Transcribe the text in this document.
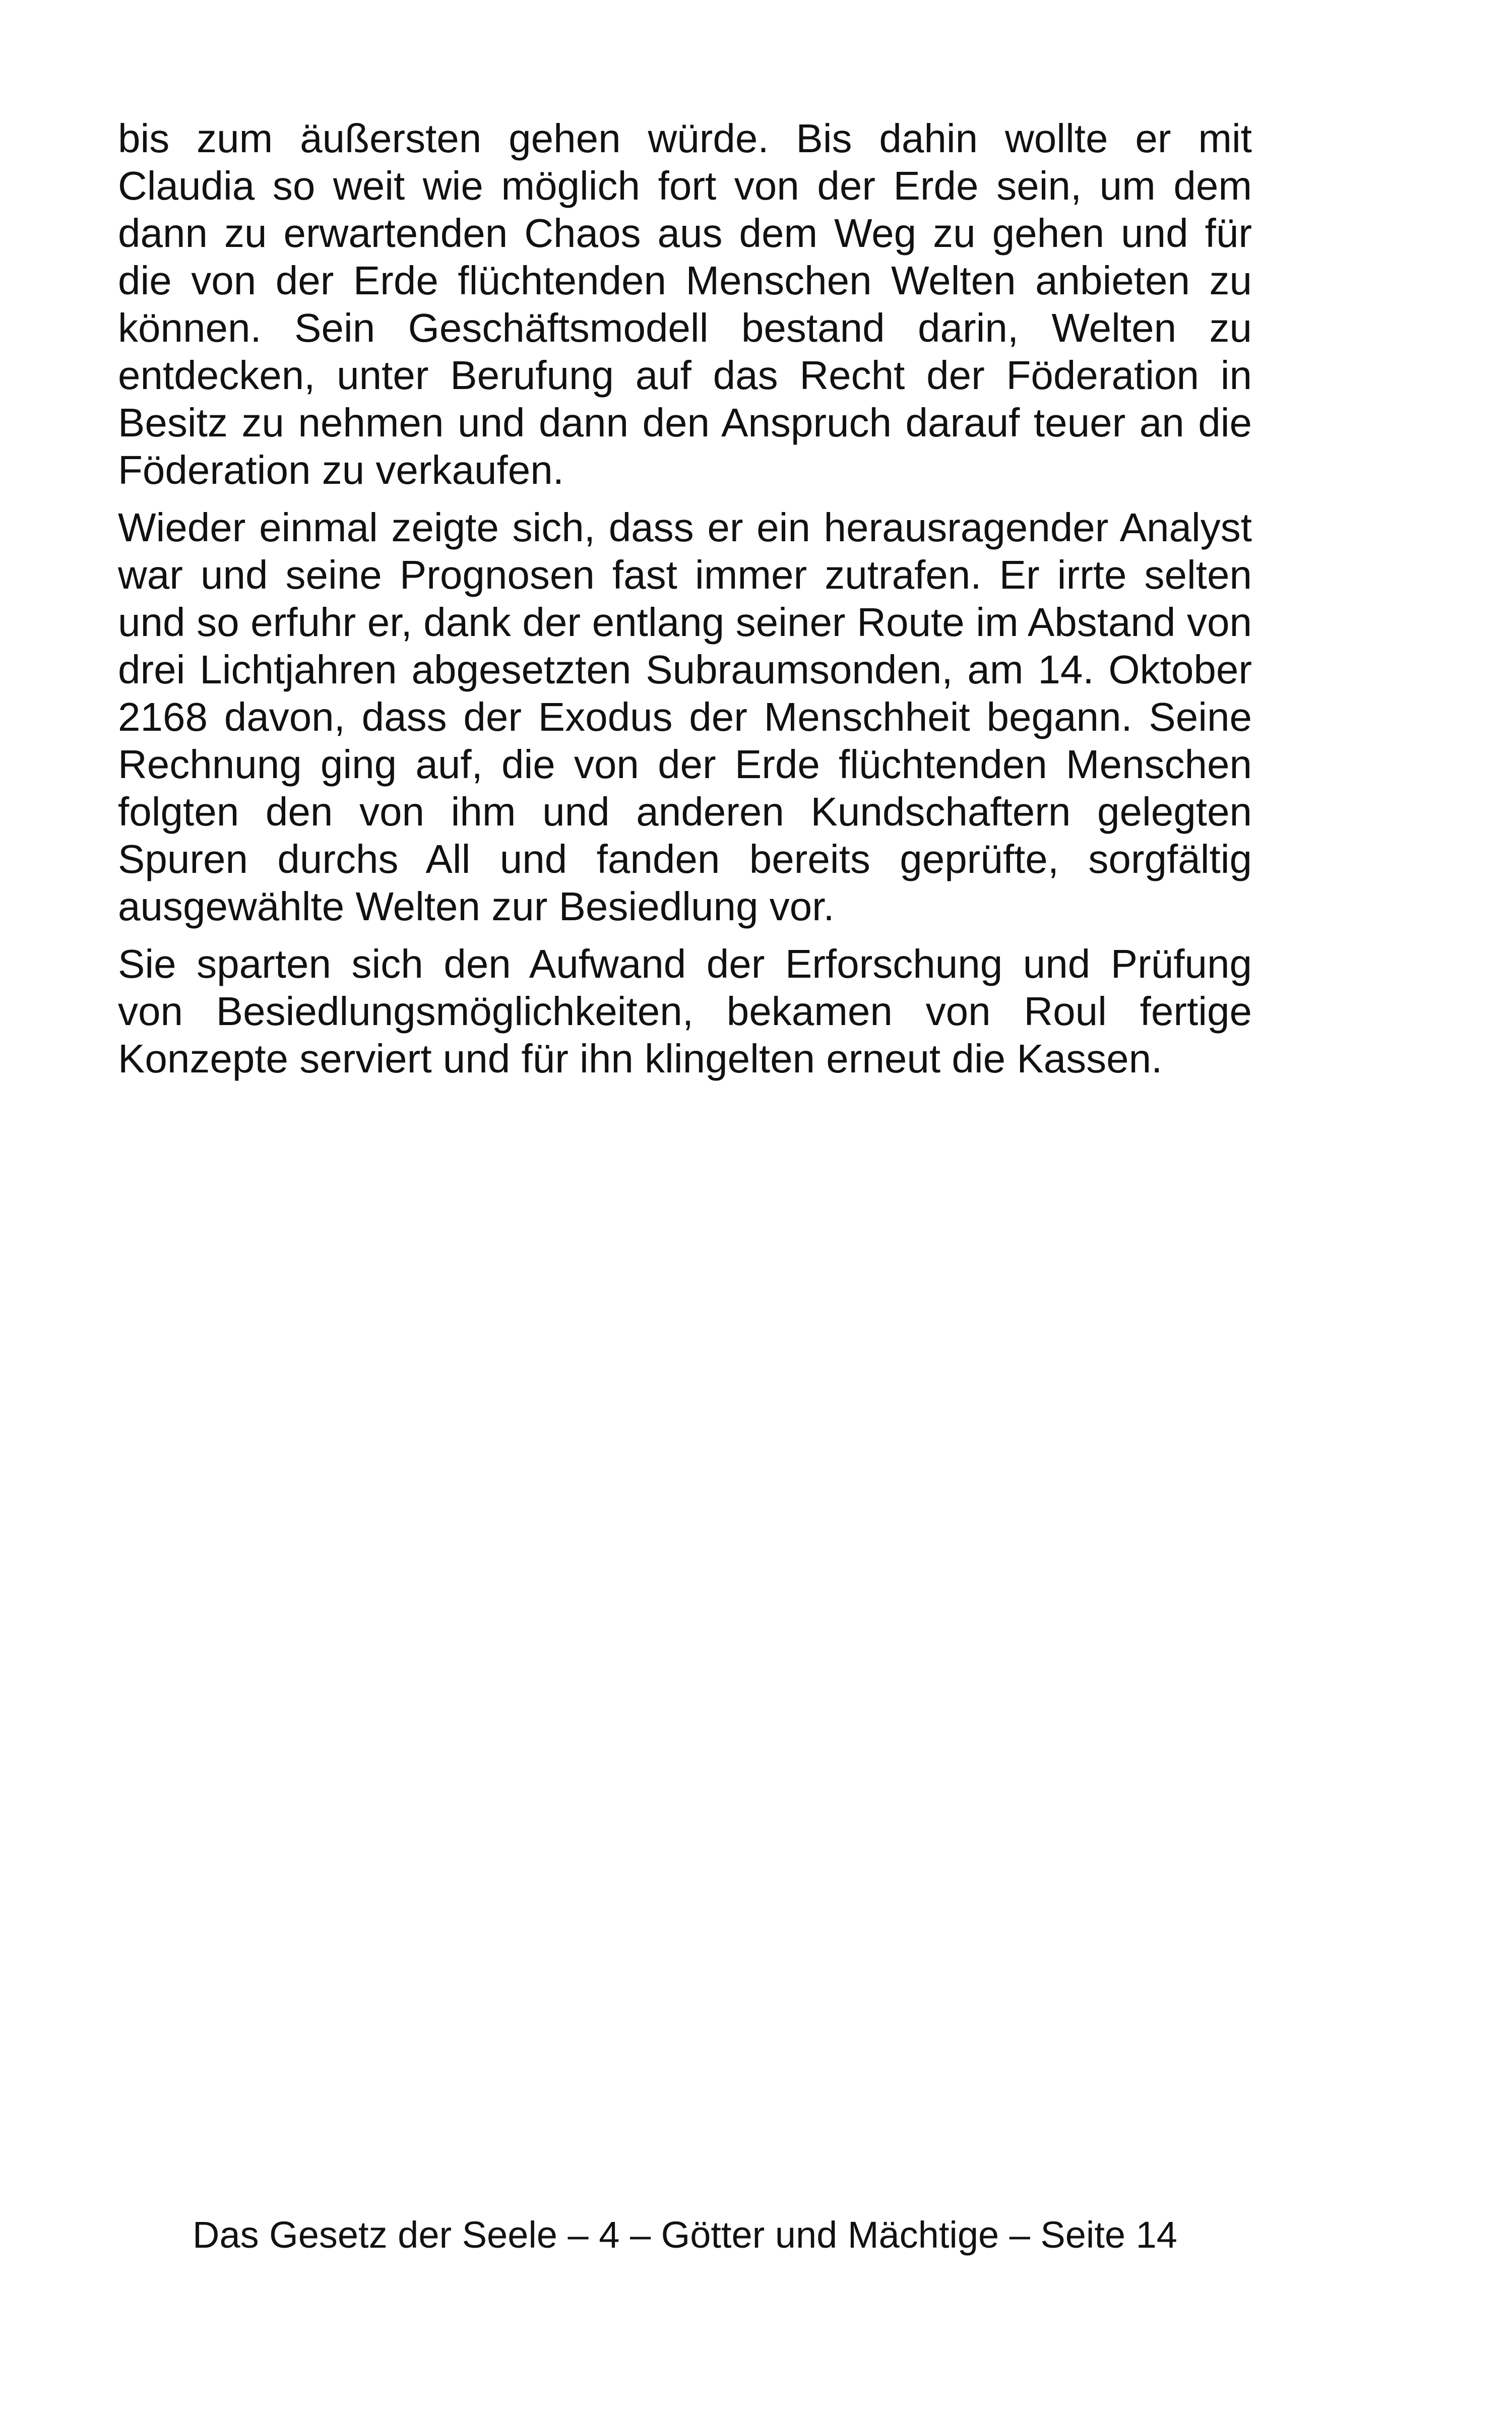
bis zum äußersten gehen würde. Bis dahin wollte er mit Claudia so weit wie möglich fort von der Erde sein, um dem dann zu erwartenden Chaos aus dem Weg zu gehen und für die von der Erde flüchtenden Menschen Welten anbieten zu können. Sein Geschäftsmodell bestand darin, Welten zu entdecken, unter Berufung auf das Recht der Föderation in Besitz zu nehmen und dann den Anspruch darauf teuer an die Föderation zu verkaufen.

Wieder einmal zeigte sich, dass er ein herausragender Analyst war und seine Prognosen fast immer zutrafen. Er irrte selten und so erfuhr er, dank der entlang seiner Route im Abstand von drei Lichtjahren abgesetzten Subraumsonden, am 14. Oktober 2168 davon, dass der Exodus der Menschheit begann. Seine Rechnung ging auf, die von der Erde flüchtenden Menschen folgten den von ihm und anderen Kundschaftern gelegten Spuren durchs All und fanden bereits geprüfte, sorgfältig ausgewählte Welten zur Besiedlung vor.

Sie sparten sich den Aufwand der Erforschung und Prüfung von Besiedlungsmöglichkeiten, bekamen von Roul fertige Konzepte serviert und für ihn klingelten erneut die Kassen.

Das Gesetz der Seele – 4 – Götter und Mächtige – Seite 14
